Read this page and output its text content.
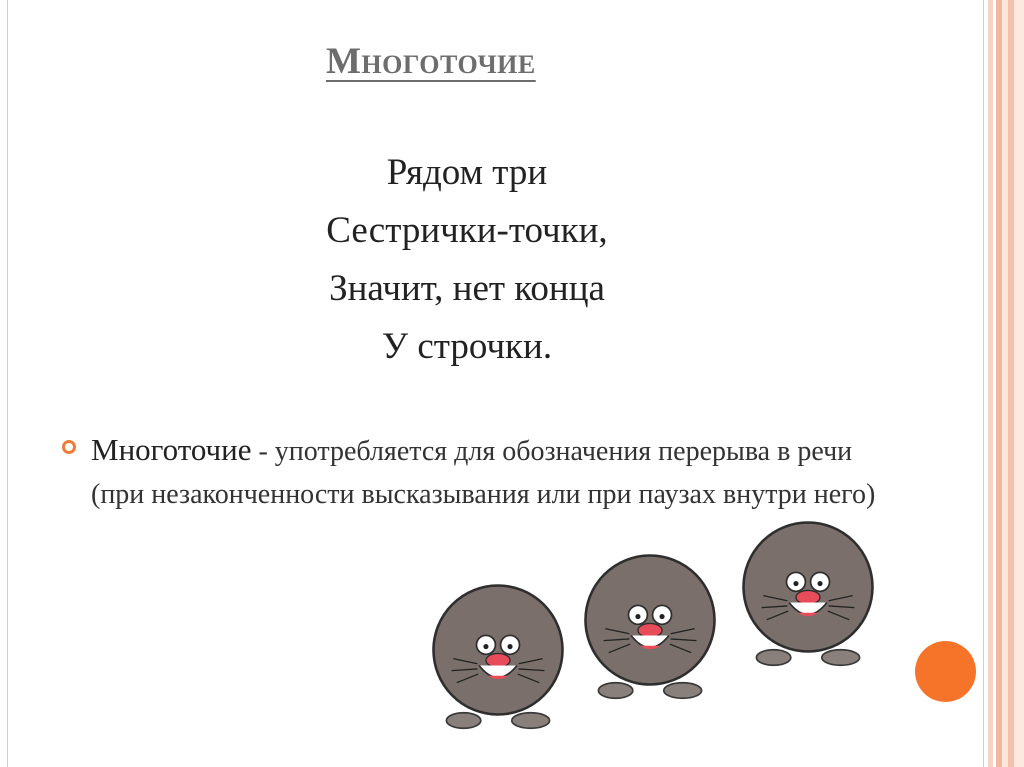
Многоточие
Рядом три
Сестрички-точки,
Значит, нет конца
У строчки.
Многоточие - употребляется для обозначения перерыва в речи (при незаконченности высказывания или при паузах внутри него)
